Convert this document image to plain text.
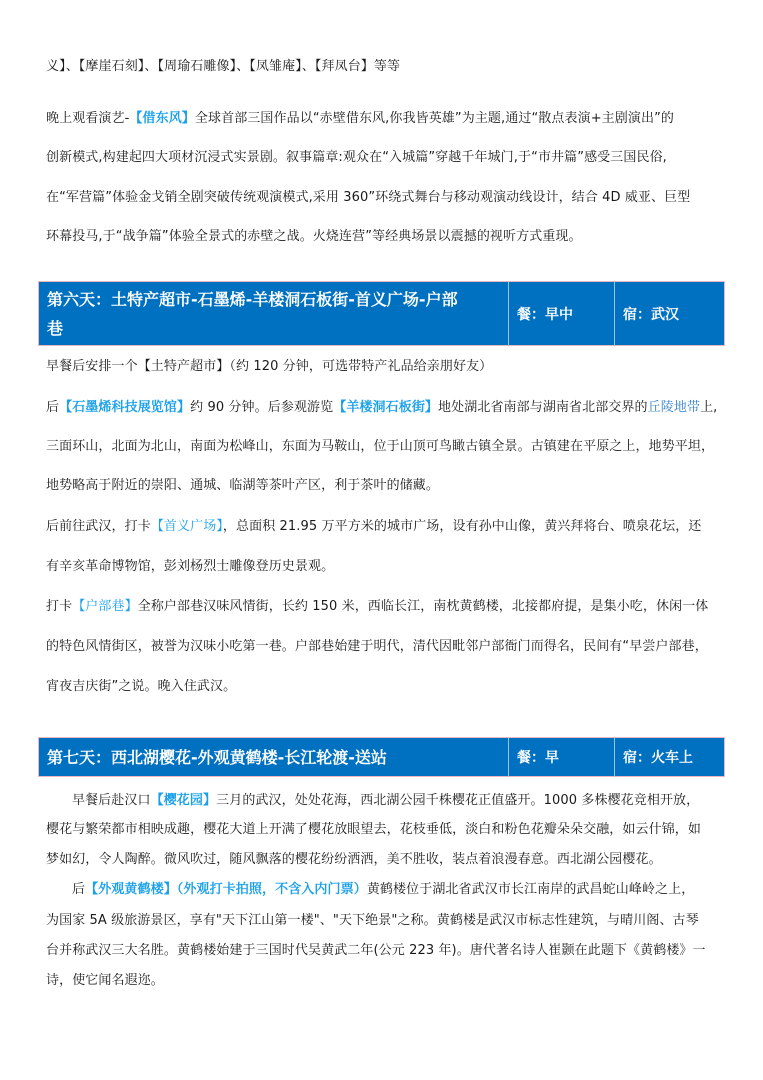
义】、【摩崖石刻】、【周瑜石雕像】、【凤雏庵】、【拜凤台】等等
晚上观看演艺-【借东风】全球首部三国作品以“赤壁借东风,你我皆英雄”为主题,通过“散点表演+主剧演出”的
创新模式,构建起四大项材沉浸式实景剧。叙事篇章:观众在“入城篇”穿越千年城门,于“市井篇”感受三国民俗,
在“军营篇”体验金戈销全剧突破传统观演模式,采用 360”环绕式舞台与移动观演动线设计，结合 4D 威亚、巨型
环幕投马,于“战争篇”体验全景式的赤壁之战。火烧连营”等经典场景以震撼的视听方式重现。
第六天：土特产超市-石墨烯-羊楼洞石板街-首义广场-户部
巷
	餐：早中	宿：武汉
早餐后安排一个【土特产超市】（约 120 分钟，可选带特产礼品给亲朋好友）
后【石墨烯科技展览馆】约 90 分钟。后参观游览【羊楼洞石板街】地处湖北省南部与湖南省北部交界的丘陵地带上,
三面环山，北面为北山，南面为松峰山，东面为马鞍山，位于山顶可鸟瞰古镇全景。古镇建在平原之上，地势平坦，
地势略高于附近的崇阳、通城、临湖等茶叶产区，利于茶叶的储藏。
后前往武汉，打卡【首义广场】，总面积 21.95 万平方米的城市广场，设有孙中山像，黄兴拜将台、喷泉花坛，还
有辛亥革命博物馆，彭刘杨烈士雕像登历史景观。
打卡【户部巷】全称户部巷汉味风情街，长约 150 米，西临长江，南枕黄鹤楼，北接都府提，是集小吃，休闲一体
的特色风情街区，被誉为汉味小吃第一巷。户部巷始建于明代，清代因毗邻户部衙门而得名，民间有“早尝户部巷，
宵夜吉庆街”之说。晚入住武汉。
第七天：西北湖樱花-外观黄鹤楼-长江轮渡-送站	餐：早	宿：火车上
早餐后赴汉口【樱花园】三月的武汉，处处花海，西北湖公园千株樱花正值盛开。1000 多株樱花竞相开放，
樱花与繁荣都市相映成趣，樱花大道上开满了樱花放眼望去，花枝垂低，淡白和粉色花瓣朵朵交融，如云什锦，如
梦如幻，令人陶醉。微风吹过，随风飘落的樱花纷纷洒洒，美不胜收，装点着浪漫春意。西北湖公园樱花。
后【外观黄鹤楼】（外观打卡拍照，不含入内门票）黄鹤楼位于湖北省武汉市长江南岸的武昌蛇山峰岭之上，
为国家 5A 级旅游景区，享有"天下江山第一楼"、"天下绝景"之称。黄鹤楼是武汉市标志性建筑，与晴川阁、古琴
台并称武汉三大名胜。黄鹤楼始建于三国时代吴黄武二年(公元 223 年)。唐代著名诗人崔颢在此题下《黄鹤楼》一
诗，使它闻名遐迩。
